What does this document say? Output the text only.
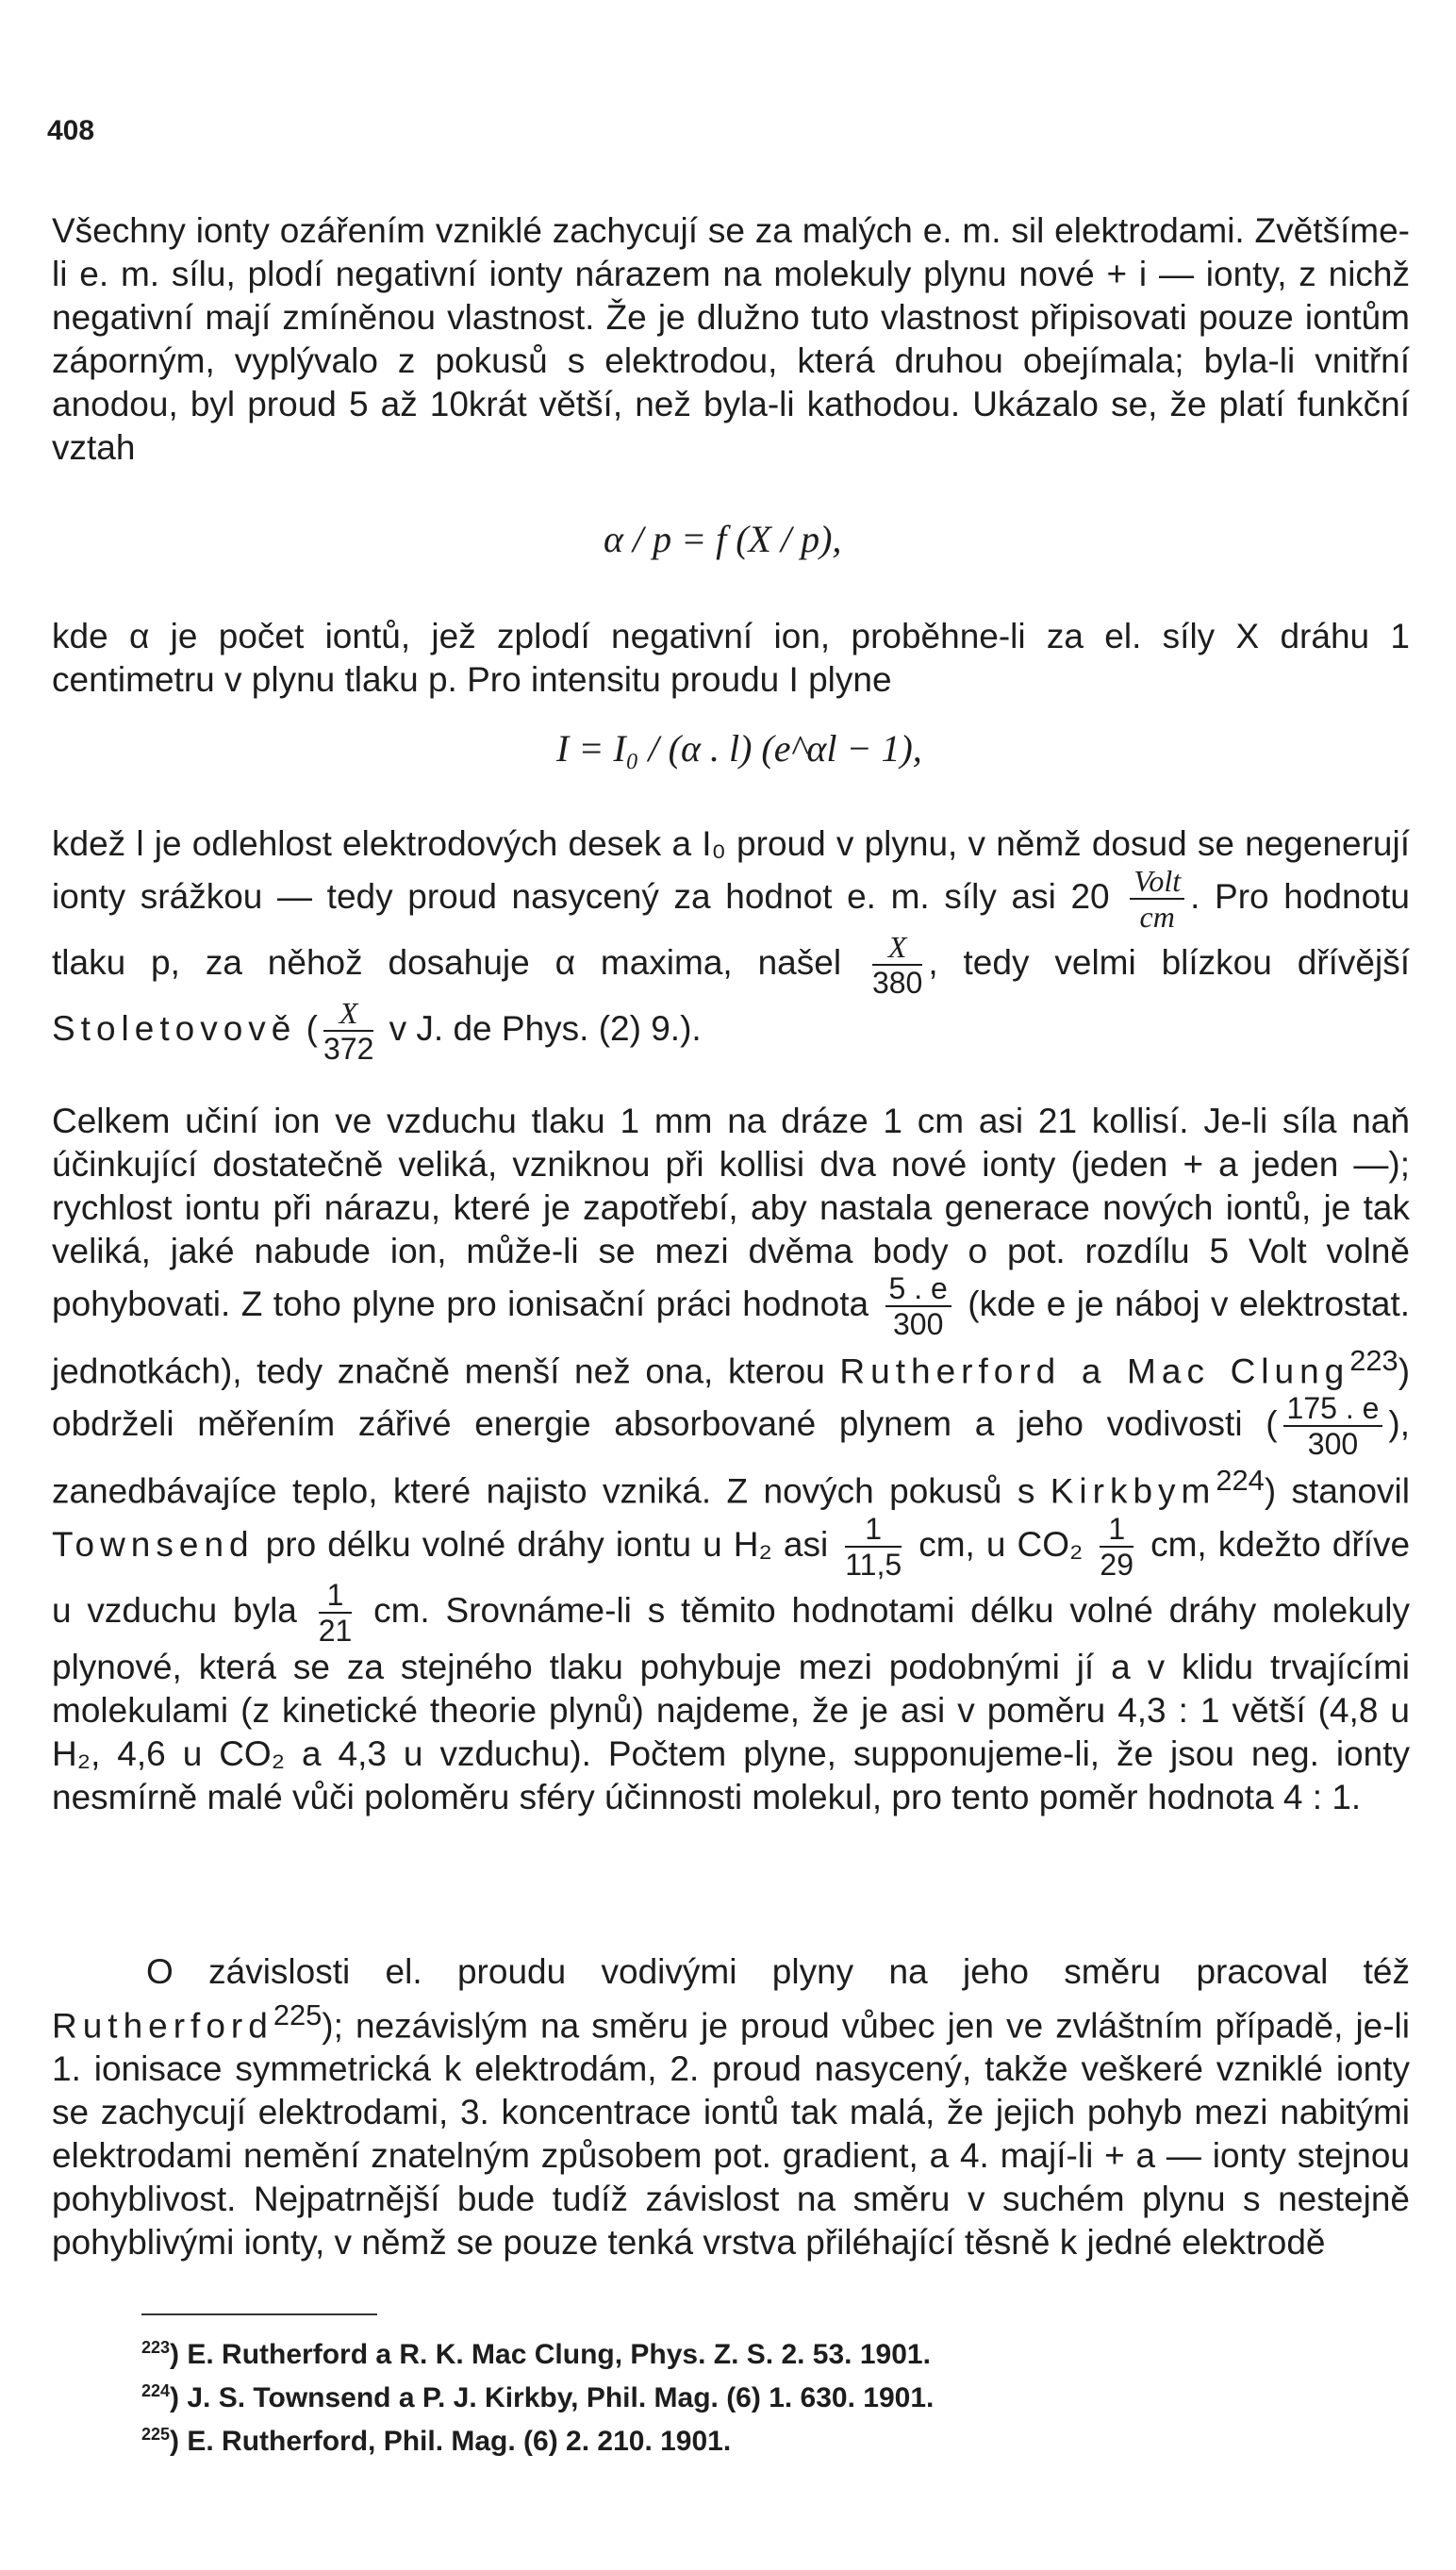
408

Všechny ionty ozářením vzniklé zachycují se za malých e. m. sil elektrodami. Zvětšíme-li e. m. sílu, plodí negativní ionty nárazem na molekuly plynu nové + i — ionty, z nichž negativní mají zmíněnou vlastnost. Že je dlužno tuto vlastnost připisovati pouze iontům záporným, vyplývalo z pokusů s elektrodou, která druhou obejímala; byla-li vnitřní anodou, byl proud 5 až 10krát větší, než byla-li kathodou. Ukázalo se, že platí funkční vztah

α / p = f (X / p),

kde α je počet iontů, jež zplodí negativní ion, proběhne-li za el. síly X dráhu 1 centimetru v plynu tlaku p. Pro intensitu proudu I plyne

I = I₀ / (α . l) (e^αl − 1),

kdež l je odlehlost elektrodových desek a I₀ proud v plynu, v němž dosud se negenerují ionty srážkou — tedy proud nasycený za hodnot e. m. síly asi $20 \frac{\text{Volt}}{cm}$ . Pro hodnotu tlaku p, za něhož dosahuje α maxima, našel $\frac{X}{380}$ , tedy velmi blízkou dřívější Stoletovově ( $\frac{X}{372}$ v J. de Phys. (2) 9.).

Celkem učiní ion ve vzduchu tlaku 1 mm na dráze 1 cm asi 21 kollisí. Je-li síla naň účinkující dostatečně veliká, vzniknou při kollisi dva nové ionty (jeden + a jeden —); rychlost iontu při nárazu, které je zapotřebí, aby nastala generace nových iontů, je tak veliká, jaké nabude ion, může-li se mezi dvěma body o pot. rozdílu 5 Volt volně pohybovati. Z toho plyne pro ionisační práci hodnota $\frac{5 . e}{300} (kde$ e je náboj v elektrostat. jednotkách), tedy značně menší než ona, kterou Rutherford a Mac Clung$^{223}$) obdrželi měřením zářivé energie absorbované plynem a jeho vodivosti ( $\frac{175 . e}{300}$ ), zanedbávajíce teplo, které najisto vzniká. Z nových pokusů s Kirkbym$^{224}$) stanovil Townsend pro délku volné dráhy iontu u H₂ asi $\frac{1}{11,5}$ cm, u $CO_2 \frac{1}{29}$ cm, kdežto dříve u vzduchu byla $\frac{1}{21}$ cm. Srovnáme-li s těmito hodnotami délku volné dráhy molekuly plynové, která se za stejného tlaku pohybuje mezi podobnými jí a v klidu trvajícími molekulami (z kinetické theorie plynů) najdeme, že je asi v poměru 4,3 : 1 větší (4,8 u H₂, 4,6 u CO₂ a 4,3 u vzduchu). Počtem plyne, supponujeme-li, že jsou neg. ionty nesmírně malé vůči poloměru sféry účinnosti molekul, pro tento poměr hodnota 4 : 1.

O závislosti el. proudu vodivými plyny na jeho směru pracoval též Rutherford$^{225}$); nezávislým na směru je proud vůbec jen ve zvláštním případě, je-li 1. ionisace symmetrická k elektrodám, 2. proud nasycený, takže veškeré vzniklé ionty se zachycují elektrodami, 3. koncentrace iontů tak malá, že jejich pohyb mezi nabitými elektrodami nemění znatelným způsobem pot. gradient, a 4. mají-li + a — ionty stejnou pohyblivost. Nejpatrnější bude tudíž závislost na směru v suchém plynu s nestejně pohyblivými ionty, v němž se pouze tenká vrstva přiléhající těsně k jedné elektrodě

$^{223}$) E. Rutherford a R. K. Mac Clung, Phys. Z. S. 2. 53. 1901.

$^{224}$) J. S. Townsend a P. J. Kirkby, Phil. Mag. (6) 1. 630. 1901.

$^{225}$) E. Rutherford, Phil. Mag. (6) 2. 210. 1901.
